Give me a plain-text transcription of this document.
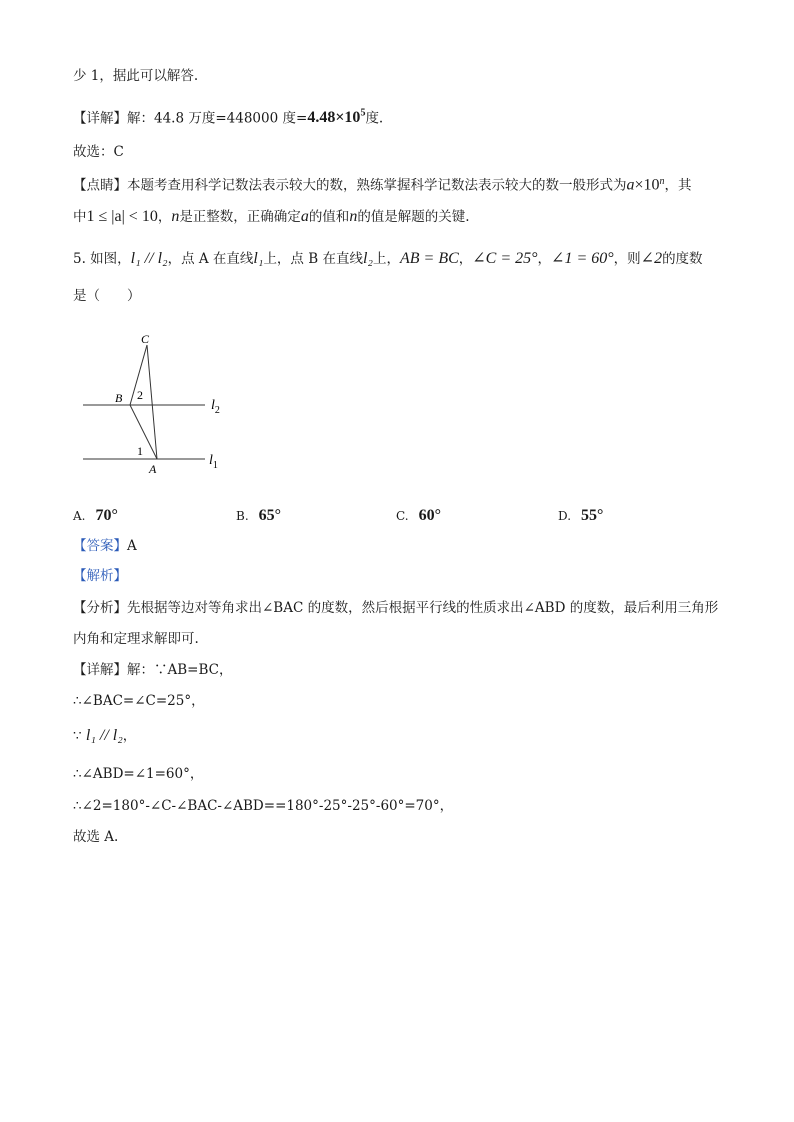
少 1，据此可以解答.
【详解】解：44.8 万度=448000 度$=4.48\times 10^5$度.
故选：C
【点睛】本题考查用科学记数法表示较大的数，熟练掌握科学记数法表示较大的数一般形式为$a\times 10^n$，其
中1 ≤ |a| < 10，n是正整数，正确确定a的值和n的值是解题的关键.
5. 如图，l₁ // l₂，点 A 在直线l₁上，点 B 在直线l₂上，AB = BC，∠C = 25°，∠1 = 60°，则∠2的度数
是（　　）
C
B 2
1
A
$l_2$
$l_1$
A. 70°	B. 65°	C. 60°	D. 55°
【答案】A
【解析】
【分析】先根据等边对等角求出∠BAC 的度数，然后根据平行线的性质求出∠ABD 的度数，最后利用三角形
内角和定理求解即可.
【详解】解：∵AB=BC，
∴∠BAC=∠C=25°，
∵ l₁ // l₂，
∴∠ABD=∠1=60°，
∴∠2=180°-∠C-∠BAC-∠ABD==180°-25°-25°-60°=70°，
故选 A.
